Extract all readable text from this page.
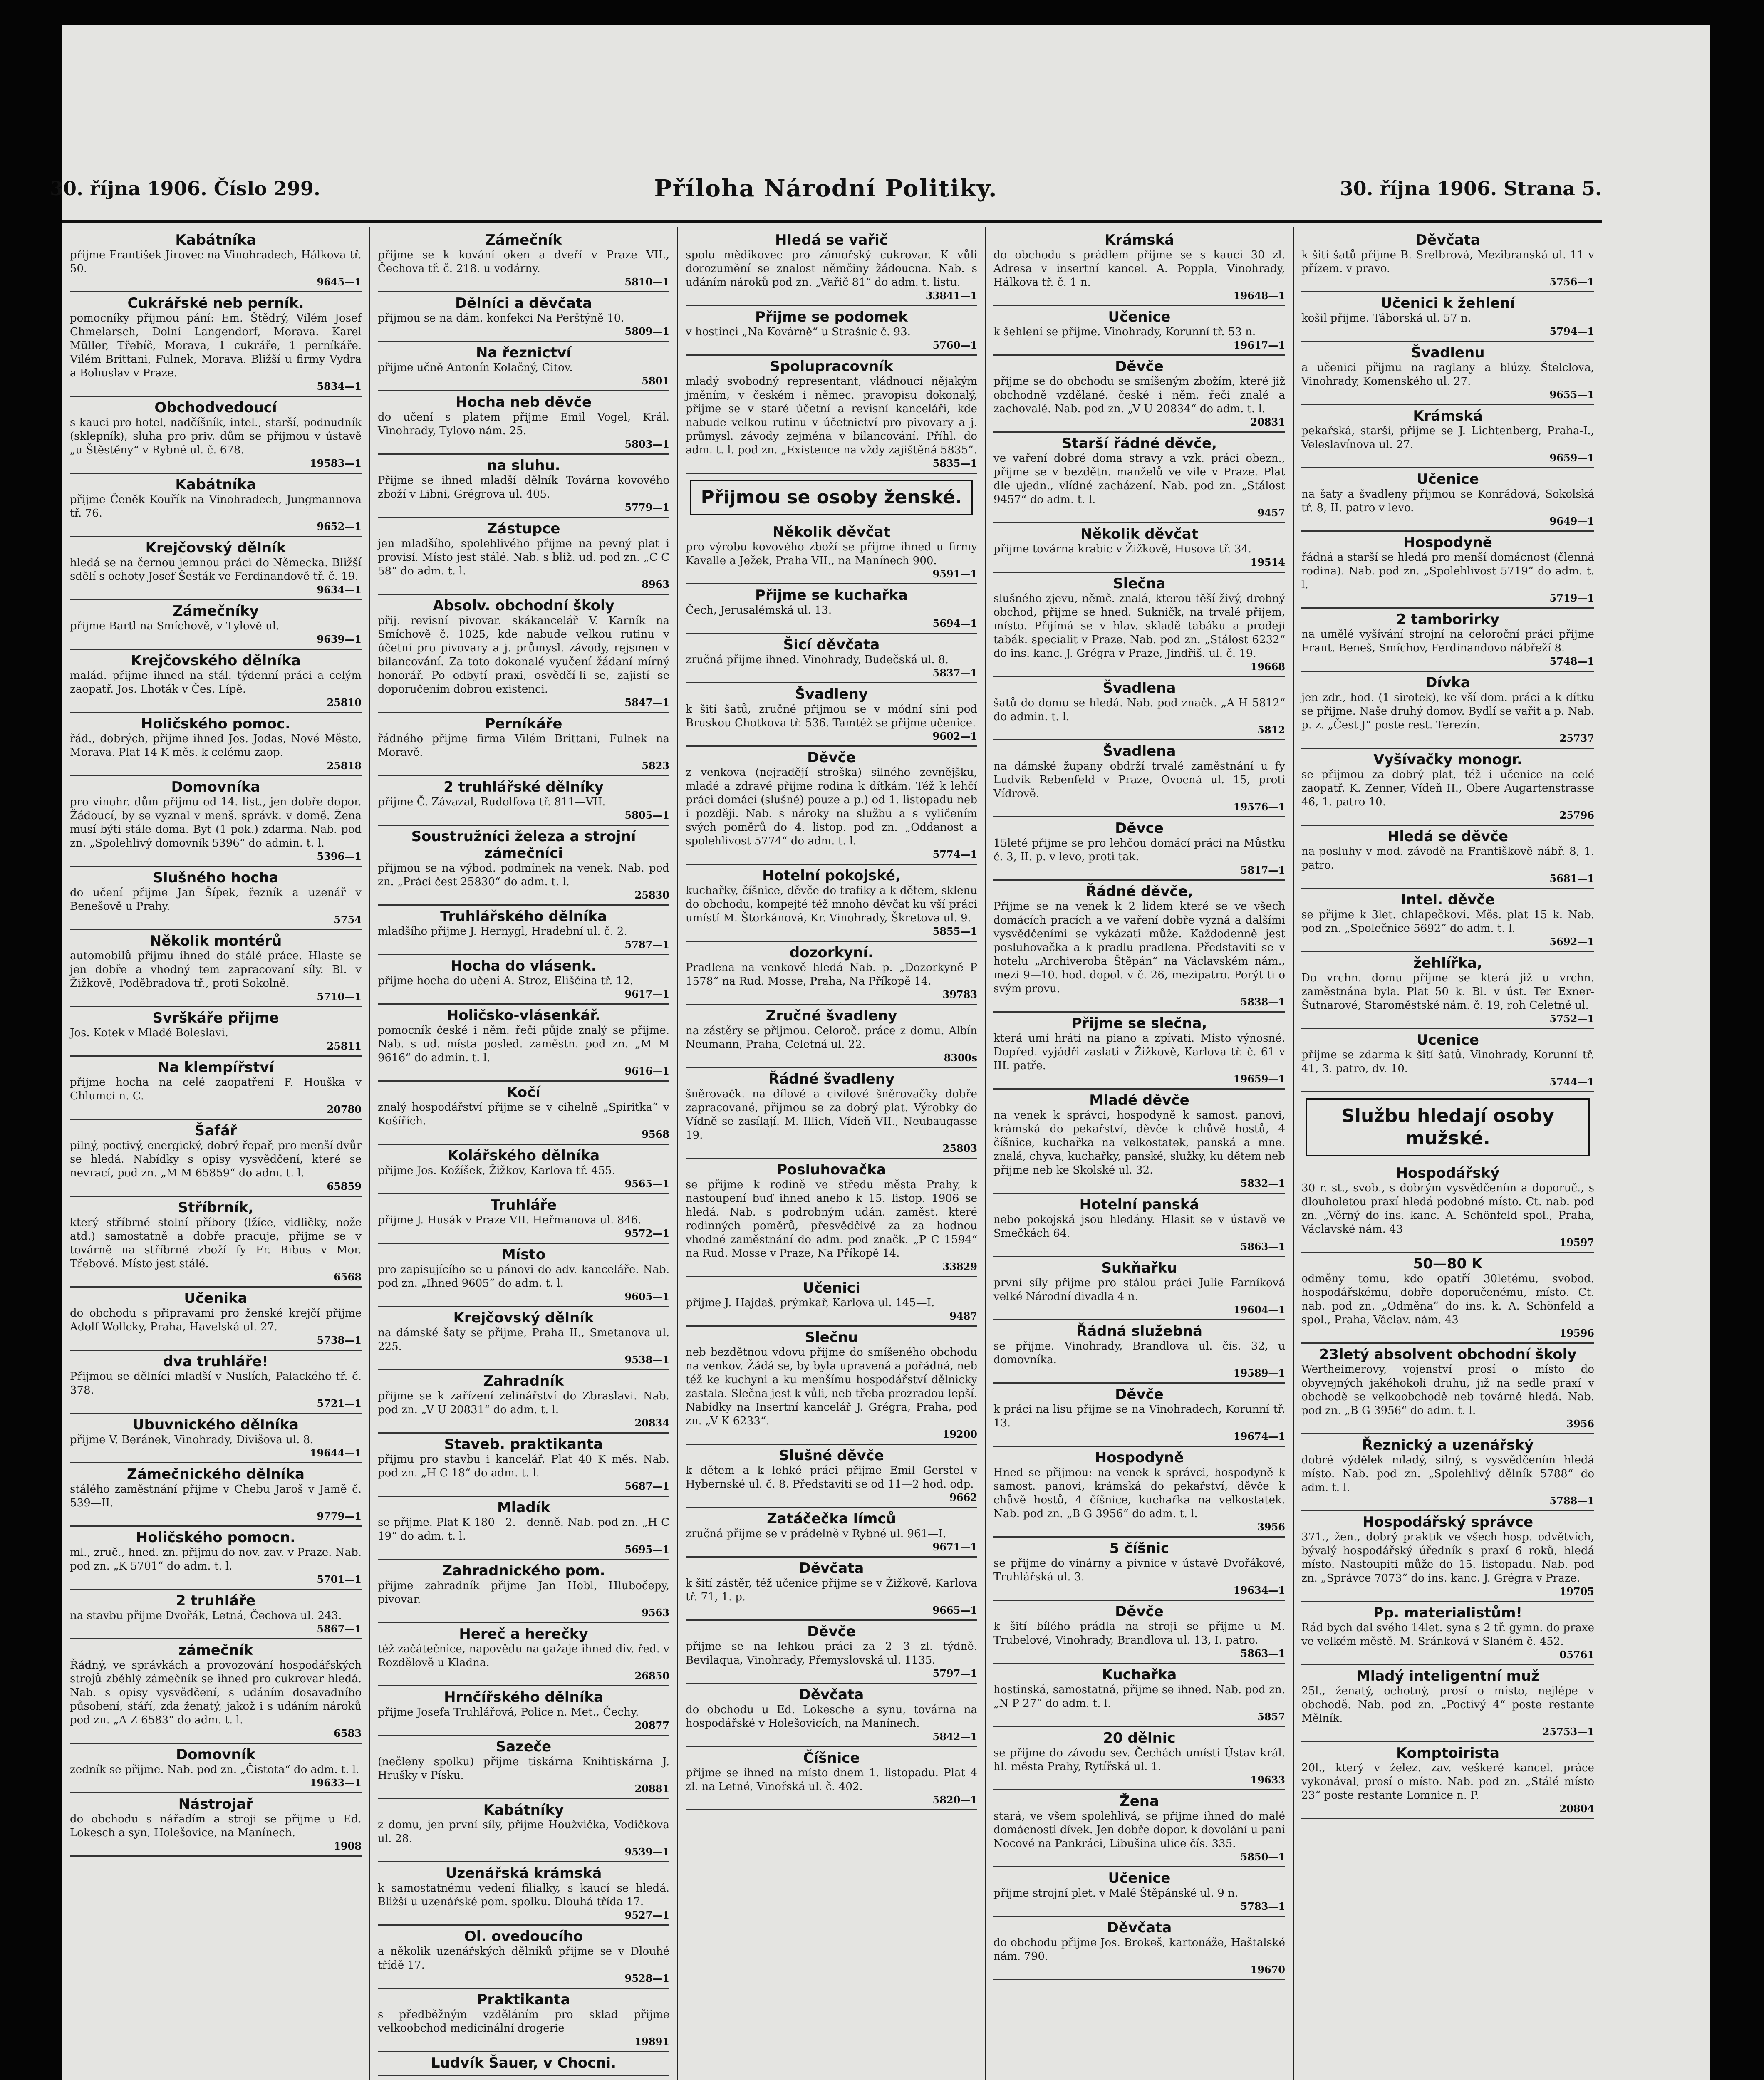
30. října 1906. Číslo 299.	Příloha Národní Politiky.	30. října 1906. Strana 5.
Kabátníka
přijme František Jirovec na Vinohradech, Hálkova tř. 50.
9645—1
Cukrářské neb perník.
pomocníky přijmou pání: Em. Štědrý, Vilém Josef Chmelarsch, Dolní Langendorf, Morava. Karel Müller, Třebíč, Morava, 1 cukráře, 1 perníkáře. Vilém Brittani, Fulnek, Morava. Bližší u firmy Vydra a Bohuslav v Praze.
5834—1
Obchodvedoucí
s kauci pro hotel, nadčíšník, intel., starší, podnudník (sklepník), sluha pro priv. dům se přijmou v ústavě „u Štěstěny“ v Rybné ul. č. 678.
19583—1
Kabátníka
přijme Čeněk Kouřík na Vinohradech, Jungmannova tř. 76.
9652—1
Krejčovský dělník
hledá se na černou jemnou práci do Německa. Bližší sdělí s ochoty Josef Šesták ve Ferdinandově tř. č. 19.
9634—1
Zámečníky
přijme Bartl na Smíchově, v Tylově ul.
9639—1
Krejčovského dělníka
malád. přijme ihned na stál. týdenní práci a celým zaopatř. Jos. Lhoták v Čes. Lípě.
25810
Holičského pomoc.
řád., dobrých, přijme ihned Jos. Jodas, Nové Město, Morava. Plat 14 K měs. k celému zaop.
25818
Domovníka
pro vinohr. dům přijmu od 14. list., jen dobře dopor. Žádoucí, by se vyznal v menš. správk. v domě. Žena musí býti stále doma. Byt (1 pok.) zdarma. Nab. pod zn. „Spolehlivý domovník 5396“ do admin. t. l.
5396—1
Slušného hocha
do učení přijme Jan Šípek, řezník a uzenář v Benešově u Prahy.
5754
Několik montérů
automobilů přijmu ihned do stálé práce. Hlaste se jen dobře a vhodný tem zapracovaní síly. Bl. v Žižkově, Poděbradova tř., proti Sokolně.
5710—1
Svrškáře přijme
Jos. Kotek v Mladé Boleslavi.
25811
Na klempířství
přijme hocha na celé zaopatření F. Houška v Chlumci n. C.
20780
Šafář
pilný, poctivý, energický, dobrý řepař, pro menší dvůr se hledá. Nabídky s opisy vysvědčení, které se nevrací, pod zn. „M M 65859“ do adm. t. l.
65859
Stříbrník,
který stříbrné stolní příbory (lžíce, vidličky, nože atd.) samostatně a dobře pracuje, přijme se v továrně na stříbrné zboží fy Fr. Bibus v Mor. Třebové. Místo jest stálé.
6568
Učenika
do obchodu s připravami pro ženské krejčí přijme Adolf Wollcky, Praha, Havelská ul. 27.
5738—1
dva truhláře!
Přijmou se dělníci mladší v Nuslích, Palackého tř. č. 378.
5721—1
Ubuvnického dělníka
přijme V. Beránek, Vinohrady, Divišova ul. 8.
19644—1
Zámečnického dělníka
stálého zaměstnání přijme v Chebu Jaroš v Jamě č. 539—II.
9779—1
Holičského pomocn.
ml., zruč., hned. zn. přijmu do nov. zav. v Praze. Nab. pod zn. „K 5701“ do adm. t. l.
5701—1
2 truhláře
na stavbu přijme Dvořák, Letná, Čechova ul. 243.
5867—1
zámečník
Řádný, ve správkách a provozování hospodářských strojů zběhlý zámečník se ihned pro cukrovar hledá. Nab. s opisy vysvědčení, s udáním dosavadního působení, stáří, zda ženatý, jakož i s udáním nároků pod zn. „A Z 6583“ do adm. t. l.
6583
Domovník
zedník se přijme. Nab. pod zn. „Čistota“ do adm. t. l.
19633—1
Nástrojař
do obchodu s nářadím a stroji se přijme u Ed. Lokesch a syn, Holešovice, na Manínech.
1908
Zámečník
přijme se k kování oken a dveří v Praze VII., Čechova tř. č. 218. u vodárny.
5810—1
Dělníci a děvčata
přijmou se na dám. konfekci Na Perštýně 10.
5809—1
Na řeznictví
přijme učně Antonín Kolačný, Citov.
5801
Hocha neb děvče
do učení s platem přijme Emil Vogel, Král. Vinohrady, Tylovo nám. 25.
5803—1
na sluhu.
Přijme se ihned mladší dělník Továrna kovového zboží v Libni, Grégrova ul. 405.
5779—1
Zástupce
jen mladšího, spolehlivého přijme na pevný plat i provisí. Místo jest stálé. Nab. s bliž. ud. pod zn. „C C 58“ do adm. t. l.
8963
Absolv. obchodní školy
přij. revisní pivovar. skákancelář V. Karník na Smíchově č. 1025, kde nabude velkou rutinu v účetní pro pivovary a j. průmysl. závody, rejsmen v bilancování. Za toto dokonalé vyučení žádaní mírný honorář. Po odbytí praxi, osvědčí-li se, zajistí se doporučením dobrou existenci.
5847—1
Perníkáře
řádného přijme firma Vilém Brittani, Fulnek na Moravě.
5823
2 truhlářské dělníky
přijme Č. Závazal, Rudolfova tř. 811—VII.
5805—1
Soustružníci železa a strojní zámečníci
přijmou se na výbod. podmínek na venek. Nab. pod zn. „Práci čest 25830“ do adm. t. l.
25830
Truhlářského dělníka
mladšího přijme J. Hernygl, Hradební ul. č. 2.
5787—1
Hocha do vlásenk.
přijme hocha do učení A. Stroz, Eliščina tř. 12.
9617—1
Holičsko-vlásenkář.
pomocník české i něm. řeči půjde znalý se přijme. Nab. s ud. místa posled. zaměstn. pod zn. „M M 9616“ do admin. t. l.
9616—1
Kočí
znalý hospodářství přijme se v cihelně „Spiritka“ v Košířích.
9568
Kolářského dělníka
přijme Jos. Kožíšek, Žižkov, Karlova tř. 455.
9565—1
Truhláře
přijme J. Husák v Praze VII. Heřmanova ul. 846.
9572—1
Místo
pro zapisujícího se u pánovi do adv. kanceláře. Nab. pod zn. „Ihned 9605“ do adm. t. l.
9605—1
Krejčovský dělník
na dámské šaty se přijme, Praha II., Smetanova ul. 225.
9538—1
Zahradník
přijme se k zařízení zelinářství do Zbraslavi. Nab. pod zn. „V U 20831“ do adm. t. l.
20834
Staveb. praktikanta
přijmu pro stavbu i kancelář. Plat 40 K měs. Nab. pod zn. „H C 18“ do adm. t. l.
5687—1
Mladík
se přijme. Plat K 180—2.—denně. Nab. pod zn. „H C 19“ do adm. t. l.
5695—1
Zahradnického pom.
přijme zahradník přijme Jan Hobl, Hlubočepy, pivovar.
9563
Hereč a herečky
též začátečnice, napovědu na gažaje ihned dív. řed. v Rozdělově u Kladna.
26850
Hrnčířského dělníka
přijme Josefa Truhlářová, Police n. Met., Čechy.
20877
Sazeče
(nečleny spolku) přijme tiskárna Knihtiskárna J. Hrušky v Písku.
20881
Kabátníky
z domu, jen první síly, přijme Houžvička, Vodičkova ul. 28.
9539—1
Uzenářská krámská
k samostatnému vedení filialky, s kaucí se hledá. Bližší u uzenářské pom. spolku. Dlouhá třída 17.
9527—1
Ol. ovedoucího
a několik uzenářských dělníků přijme se v Dlouhé třídě 17.
9528—1
Praktikanta
s předběžným vzděláním pro sklad přijme velkoobchod medicinální drogerie
19891
Ludvík Šauer, v Chocni.
Hledá se vařič
spolu mědikovec pro zámořský cukrovar. K vůli dorozumění se znalost němčiny žádoucna. Nab. s udáním nároků pod zn. „Vařič 81“ do adm. t. listu.
33841—1
Přijme se podomek
v hostinci „Na Kovárně“ u Strašnic č. 93.
5760—1
Spolupracovník
mladý svobodný representant, vládnoucí nějakým jměním, v českém i němec. pravopisu dokonalý, přijme se v staré účetní a revisní kanceláři, kde nabude velkou rutinu v účetnictví pro pivovary a j. průmysl. závody zejména v bilancování. Příhl. do adm. t. l. pod zn. „Existence na vždy zajištěná 5835“.
5835—1
Přijmou se osoby ženské.
Několik děvčat
pro výrobu kovového zboží se přijme ihned u firmy Kavalle a Ježek, Praha VII., na Manínech 900.
9591—1
Přijme se kuchařka
Čech, Jerusalémská ul. 13.
5694—1
Šicí děvčata
zručná přijme ihned. Vinohrady, Budečská ul. 8.
5837—1
Švadleny
k šití šatů, zručné přijmou se v módní síni pod Bruskou Chotkova tř. 536. Tamtéž se přijme učenice.
9602—1
Děvče
z venkova (nejradějí stroška) silného zevnějšku, mladé a zdravé přijme rodina k dítkám. Též k lehčí práci domácí (slušné) pouze a p.) od 1. listopadu neb i později. Nab. s nároky na službu a s vyličením svých poměrů do 4. listop. pod zn. „Oddanost a spolehlivost 5774“ do adm. t. l.
5774—1
Hotelní pokojské,
kuchařky, číšnice, děvče do trafiky a k dětem, sklenu do obchodu, kompejté též mnoho děvčat ku vší práci umístí M. Štorkánová, Kr. Vinohrady, Škretova ul. 9.
5855—1
dozorkyní.
Pradlena na venkově hledá Nab. p. „Dozorkyně P 1578“ na Rud. Mosse, Praha, Na Příkopě 14.
39783
Zručné švadleny
na zástěry se přijmou. Celoroč. práce z domu. Albín Neumann, Praha, Celetná ul. 22.
8300s
Řádné švadleny
šněrovačk. na dílové a civilové šněrovačky dobře zapracované, přijmou se za dobrý plat. Výrobky do Vídně se zasílají. M. Illich, Vídeň VII., Neubaugasse 19.
25803
Posluhovačka
se přijme k rodině ve středu města Prahy, k nastoupení buď ihned anebo k 15. listop. 1906 se hledá. Nab. s podrobným udán. zaměst. které rodinných poměrů, přesvědčivě za za hodnou vhodné zaměstnání do adm. pod značk. „P C 1594“ na Rud. Mosse v Praze, Na Příkopě 14.
33829
Učenici
přijme J. Hajdaš, prýmkař, Karlova ul. 145—I.
9487
Slečnu
neb bezdětnou vdovu přijme do smíšeného obchodu na venkov. Žádá se, by byla upravená a pořádná, neb též ke kuchyni a ku menšímu hospodářství dělnicky zastala. Slečna jest k vůli, neb třeba prozradou lepší. Nabídky na Insertní kancelář J. Grégra, Praha, pod zn. „V K 6233“.
19200
Slušné děvče
k dětem a k lehké práci přijme Emil Gerstel v Hybernské ul. č. 8. Představiti se od 11—2 hod. odp.
9662
Zatáčečka límců
zručná přijme se v prádelně v Rybné ul. 961—I.
9671—1
Děvčata
k šití zástěr, též učenice přijme se v Žižkově, Karlova tř. 71, 1. p.
9665—1
Děvče
přijme se na lehkou práci za 2—3 zl. týdně. Bevilaqua, Vinohrady, Přemyslovská ul. 1135.
5797—1
Děvčata
do obchodu u Ed. Lokesche a synu, továrna na hospodářské v Holešovicích, na Manínech.
5842—1
Číšnice
přijme se ihned na místo dnem 1. listopadu. Plat 4 zl. na Letné, Vinořská ul. č. 402.
5820—1
Krámská
do obchodu s prádlem přijme se s kauci 30 zl. Adresa v insertní kancel. A. Poppla, Vinohrady, Hálkova tř. č. 1 n.
19648—1
Učenice
k šehlení se přijme. Vinohrady, Korunní tř. 53 n.
19617—1
Děvče
přijme se do obchodu se smíšeným zbožím, které již obchodně vzdělané. české i něm. řeči znalé a zachovalé. Nab. pod zn. „V U 20834“ do adm. t. l.
20831
Starší řádné děvče,
ve vaření dobré doma stravy a vzk. práci obezn., přijme se v bezdětn. manželů ve vile v Praze. Plat dle ujedn., vlídné zacházení. Nab. pod zn. „Stálost 9457“ do adm. t. l.
9457
Několik děvčat
přijme továrna krabic v Žižkově, Husova tř. 34.
19514
Slečna
slušného zjevu, němč. znalá, kterou těší živý, drobný obchod, přijme se hned. Sukničk, na trvalé přijem, místo. Přijímá se v hlav. skladě tabáku a prodeji tabák. specialit v Praze. Nab. pod zn. „Stálost 6232“ do ins. kanc. J. Grégra v Praze, Jindřiš. ul. č. 19.
19668
Švadlena
šatů do domu se hledá. Nab. pod značk. „A H 5812“ do admin. t. l.
5812
Švadlena
na dámské župany obdrží trvalé zaměstnání u fy Ludvík Rebenfeld v Praze, Ovocná ul. 15, proti Vídrově.
19576—1
Děvce
15leté přijme se pro lehčou domácí práci na Můstku č. 3, II. p. v levo, proti tak.
5817—1
Řádné děvče,
Přijme se na venek k 2 lidem které se ve všech domácích pracích a ve vaření dobře vyzná a dalšími vysvědčeními se vykázati může. Každodenně jest posluhovačka a k pradlu pradlena. Představiti se v hotelu „Archiveroba Štěpán“ na Václavském nám., mezi 9—10. hod. dopol. v č. 26, mezipatro. Porýt ti o svým provu.
5838—1
Přijme se slečna,
která umí hráti na piano a zpívati. Místo výnosné. Dopřed. vyjádři zaslati v Žižkově, Karlova tř. č. 61 v III. patře.
19659—1
Mladé děvče
na venek k správci, hospodyně k samost. panovi, krámská do pekařství, děvče k chůvě hostů, 4 číšnice, kuchařka na velkostatek, panská a mne. znalá, chyva, kuchařky, panské, služky, ku dětem neb přijme neb ke Skolské ul. 32.
5832—1
Hotelní panská
nebo pokojská jsou hledány. Hlasit se v ústavě ve Smečkách 64.
5863—1
Sukňařku
první síly přijme pro stálou práci Julie Farníková velké Národní divadla 4 n.
19604—1
Řádná služebná
se přijme. Vinohrady, Brandlova ul. čís. 32, u domovníka.
19589—1
Děvče
k práci na lisu přijme se na Vinohradech, Korunní tř. 13.
19674—1
Hospodyně
Hned se přijmou: na venek k správci, hospodyně k samost. panovi, krámská do pekařství, děvče k chůvě hostů, 4 číšnice, kuchařka na velkostatek. Nab. pod zn. „B G 3956“ do adm. t. l.
3956
5 číšnic
se přijme do vinárny a pivnice v ústavě Dvořákové, Truhlářská ul. 3.
19634—1
Děvče
k šití bílého prádla na stroji se přijme u M. Trubelové, Vinohrady, Brandlova ul. 13, I. patro.
5863—1
Kuchařka
hostinská, samostatná, přijme se ihned. Nab. pod zn. „N P 27“ do adm. t. l.
5857
20 dělnic
se přijme do závodu sev. Čechách umístí Ústav král. hl. města Prahy, Rytířská ul. 1.
19633
Žena
stará, ve všem spolehlivá, se přijme ihned do malé domácnosti dívek. Jen dobře dopor. k dovolání u paní Nocové na Pankráci, Libušina ulice čís. 335.
5850—1
Učenice
přijme strojní plet. v Malé Štěpánské ul. 9 n.
5783—1
Děvčata
do obchodu přijme Jos. Brokeš, kartonáže, Haštalské nám. 790.
19670
Děvčata
k šití šatů přijme B. Srelbrová, Mezibranská ul. 11 v přízem. v pravo.
5756—1
Učenici k žehlení
košil přijme. Táborská ul. 57 n.
5794—1
Švadlenu
a učenici přijmu na raglany a blúzy. Štelclova, Vinohrady, Komenského ul. 27.
9655—1
Krámská
pekařská, starší, přijme se J. Lichtenberg, Praha-I., Veleslavínova ul. 27.
9659—1
Učenice
na šaty a švadleny přijmou se Konrádová, Sokolská tř. 8, II. patro v levo.
9649—1
Hospodyně
řádná a starší se hledá pro menší domácnost (členná rodina). Nab. pod zn. „Spolehlivost 5719“ do adm. t. l.
5719—1
2 tamborirky
na umělé vyšívání strojní na celoroční práci přijme Frant. Beneš, Smíchov, Ferdinandovo nábřeží 8.
5748—1
Dívka
jen zdr., hod. (1 sirotek), ke vší dom. práci a k dítku se přijme. Naše druhý domov. Bydlí se vařit a p. Nab. p. z. „Čest J“ poste rest. Terezín.
25737
Vyšívačky monogr.
se přijmou za dobrý plat, též i učenice na celé zaopatř. K. Zenner, Vídeň II., Obere Augartenstrasse 46, 1. patro 10.
25796
Hledá se děvče
na posluhy v mod. závodě na Františkově nábř. 8, 1. patro.
5681—1
Intel. děvče
se přijme k 3let. chlapečkovi. Měs. plat 15 k. Nab. pod zn. „Společnice 5692“ do adm. t. l.
5692—1
žehlířka,
Do vrchn. domu přijme se která již u vrchn. zaměstnána byla. Plat 50 k. Bl. v úst. Ter Exner-Šutnarové, Staroměstské nám. č. 19, roh Celetné ul.
5752—1
Ucenice
přijme se zdarma k šití šatů. Vinohrady, Korunní tř. 41, 3. patro, dv. 10.
5744—1
Službu hledají osoby mužské.
Hospodářský
30 r. st., svob., s dobrým vysvědčením a doporuč., s dlouholetou praxí hledá podobné místo. Ct. nab. pod zn. „Věrný do ins. kanc. A. Schönfeld spol., Praha, Václavské nám. 43
19597
50—80 K
odměny tomu, kdo opatří 30letému, svobod. hospodářskému, dobře doporučenému, místo. Ct. nab. pod zn. „Odměna“ do ins. k. A. Schönfeld a spol., Praha, Václav. nám. 43
19596
23letý absolvent obchodní školy
Wertheimerovy, vojenství prosí o místo do obyvejných jakéhokoli druhu, již na sedle praxí v obchodě se velkoobchodě neb továrně hledá. Nab. pod zn. „B G 3956“ do adm. t. l.
3956
Řeznický a uzenářský
dobré výdělek mladý, silný, s vysvědčením hledá místo. Nab. pod zn. „Spolehlivý dělník 5788“ do adm. t. l.
5788—1
Hospodářský správce
371., žen., dobrý praktik ve všech hosp. odvětvích, bývalý hospodářský úředník s praxí 6 roků, hledá místo. Nastoupiti může do 15. listopadu. Nab. pod zn. „Správce 7073“ do ins. kanc. J. Grégra v Praze.
19705
Pp. materialistům!
Rád bych dal svého 14let. syna s 2 tř. gymn. do praxe ve velkém městě. M. Sránková v Slaném č. 452.
05761
Mladý inteligentní muž
25l., ženatý, ochotný, prosí o místo, nejlépe v obchodě. Nab. pod zn. „Poctivý 4“ poste restante Mělník.
25753—1
Komptoirista
20l., který v želez. zav. veškeré kancel. práce vykonával, prosí o místo. Nab. pod zn. „Stálé místo 23“ poste restante Lomnice n. P.
20804
